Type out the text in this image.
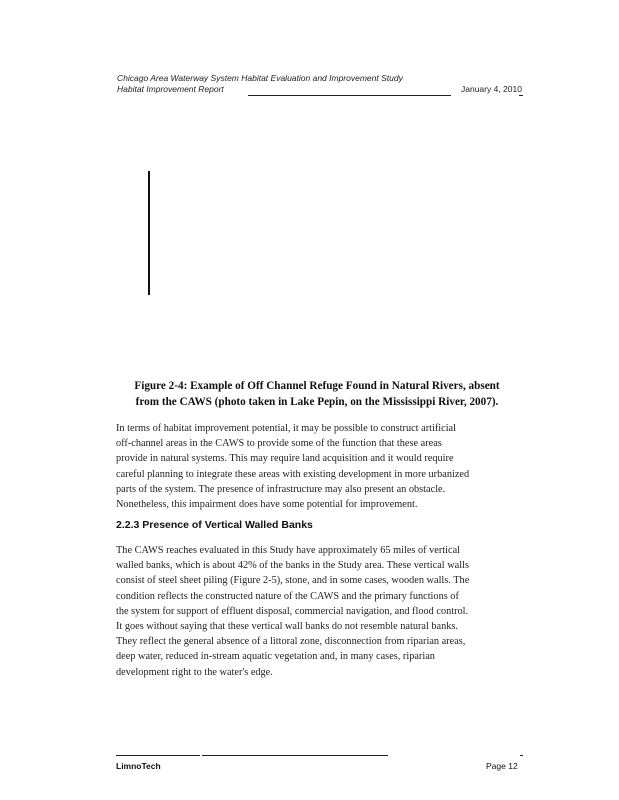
Chicago Area Waterway System Habitat Evaluation and Improvement Study
Habitat Improvement Report	January 4, 2010
Figure 2-4: Example of Off Channel Refuge Found in Natural Rivers, absent
from the CAWS (photo taken in Lake Pepin, on the Mississippi River, 2007).
In terms of habitat improvement potential, it may be possible to construct artificial
off-channel areas in the CAWS to provide some of the function that these areas
provide in natural systems. This may require land acquisition and it would require
careful planning to integrate these areas with existing development in more urbanized
parts of the system. The presence of infrastructure may also present an obstacle.
Nonetheless, this impairment does have some potential for improvement.
2.2.3 Presence of Vertical Walled Banks
The CAWS reaches evaluated in this Study have approximately 65 miles of vertical
walled banks, which is about 42% of the banks in the Study area. These vertical walls
consist of steel sheet piling (Figure 2-5), stone, and in some cases, wooden walls. The
condition reflects the constructed nature of the CAWS and the primary functions of
the system for support of effluent disposal, commercial navigation, and flood control.
It goes without saying that these vertical wall banks do not resemble natural banks.
They reflect the general absence of a littoral zone, disconnection from riparian areas,
deep water, reduced in-stream aquatic vegetation and, in many cases, riparian
development right to the water's edge.
LimnoTech	Page 12
